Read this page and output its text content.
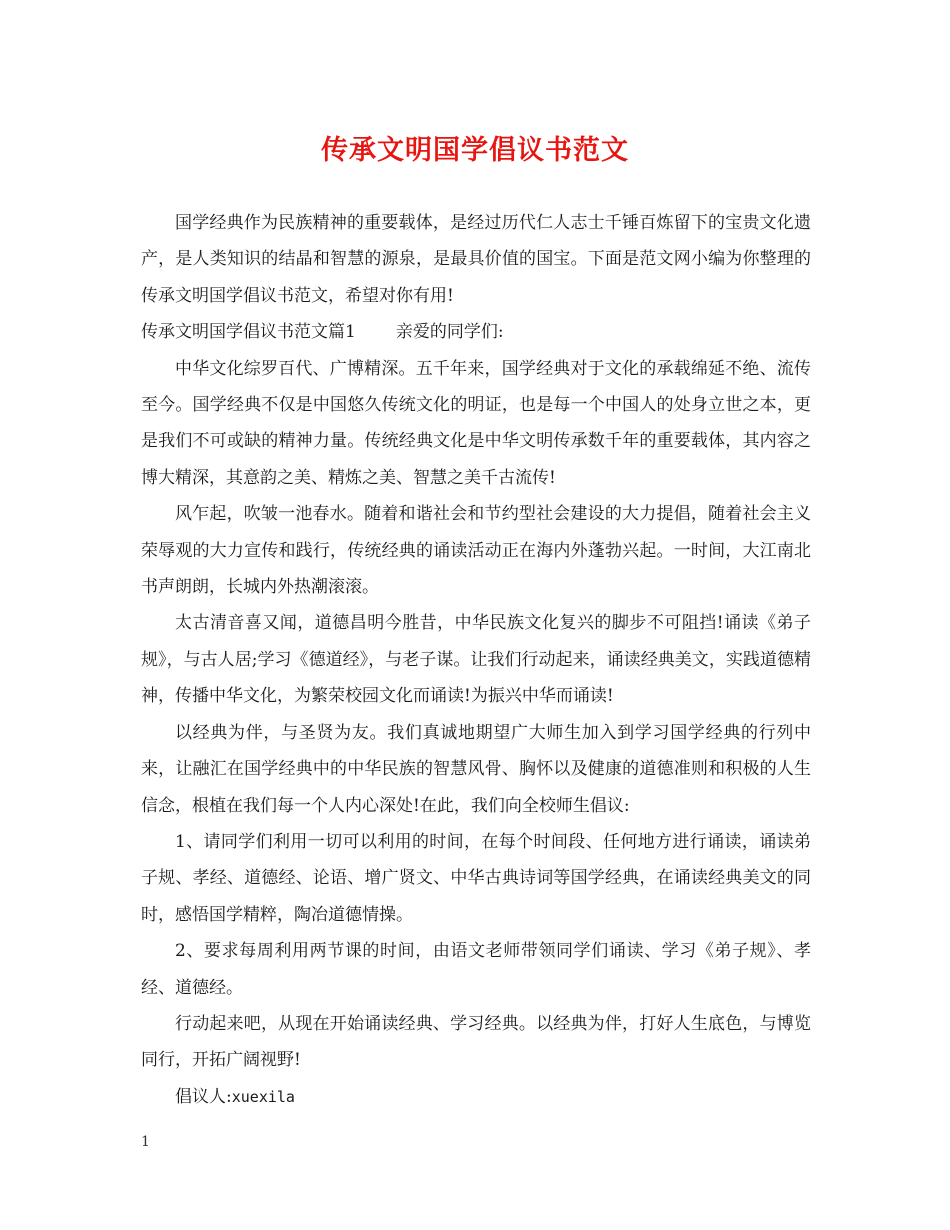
传承文明国学倡议书范文

国学经典作为民族精神的重要载体，是经过历代仁人志士千锤百炼留下的宝贵文化遗产，是人类知识的结晶和智慧的源泉，是最具价值的国宝。下面是范文网小编为你整理的传承文明国学倡议书范文，希望对你有用!

传承文明国学倡议书范文篇1 亲爱的同学们:

中华文化综罗百代、广博精深。五千年来，国学经典对于文化的承载绵延不绝、流传至今。国学经典不仅是中国悠久传统文化的明证，也是每一个中国人的处身立世之本，更是我们不可或缺的精神力量。传统经典文化是中华文明传承数千年的重要载体，其内容之博大精深，其意韵之美、精炼之美、智慧之美千古流传!

风乍起，吹皱一池春水。随着和谐社会和节约型社会建设的大力提倡，随着社会主义荣辱观的大力宣传和践行，传统经典的诵读活动正在海内外蓬勃兴起。一时间，大江南北书声朗朗，长城内外热潮滚滚。

太古清音喜又闻，道德昌明今胜昔，中华民族文化复兴的脚步不可阻挡!诵读《弟子规》，与古人居;学习《德道经》，与老子谋。让我们行动起来，诵读经典美文，实践道德精神，传播中华文化，为繁荣校园文化而诵读!为振兴中华而诵读!

以经典为伴，与圣贤为友。我们真诚地期望广大师生加入到学习国学经典的行列中来，让融汇在国学经典中的中华民族的智慧风骨、胸怀以及健康的道德准则和积极的人生信念，根植在我们每一个人内心深处!在此，我们向全校师生倡议:

1、请同学们利用一切可以利用的时间，在每个时间段、任何地方进行诵读，诵读弟子规、孝经、道德经、论语、增广贤文、中华古典诗词等国学经典，在诵读经典美文的同时，感悟国学精粹，陶冶道德情操。

2、要求每周利用两节课的时间，由语文老师带领同学们诵读、学习《弟子规》、孝经、道德经。

行动起来吧，从现在开始诵读经典、学习经典。以经典为伴，打好人生底色，与博览同行，开拓广阔视野!

倡议人:xuexila

1
